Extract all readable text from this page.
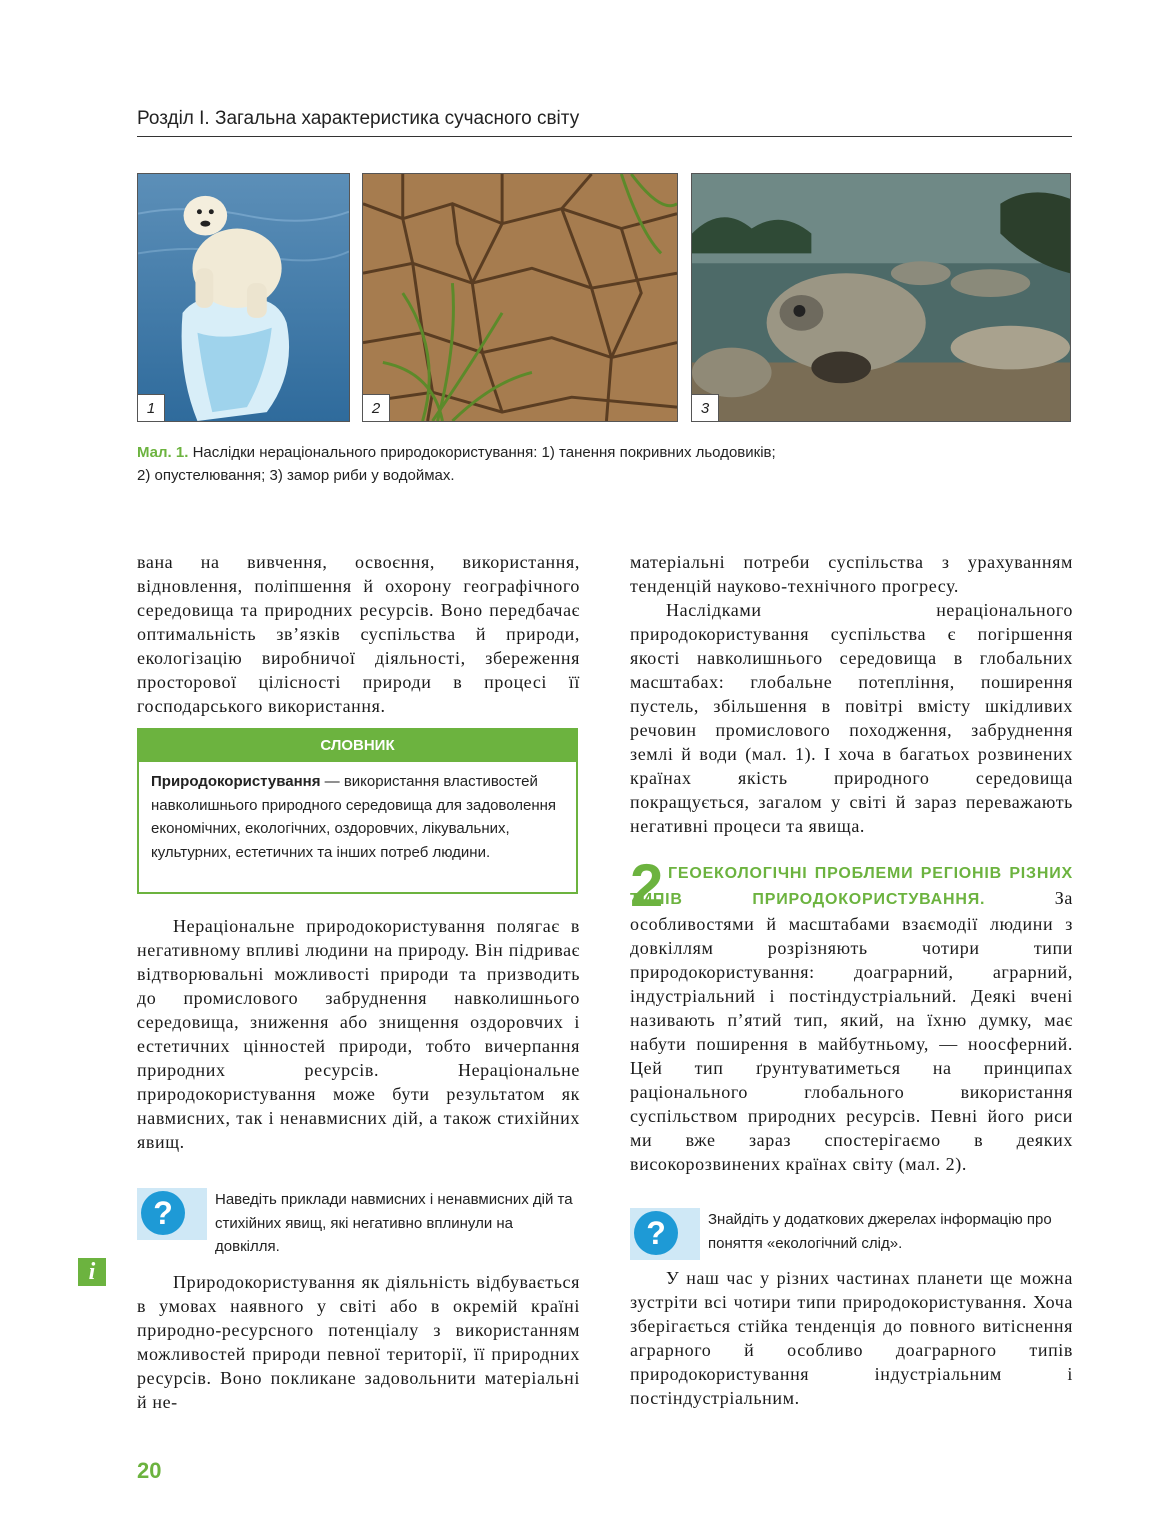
Розділ І. Загальна характеристика сучасного світу
1	2	3
Мал. 1. Наслідки нераціонального природокористування: 1) танення покривних льодовиків;
2) опустелювання; 3) замор риби у водоймах.

вана на вивчення, освоєння, використання, відновлення, поліпшення й охорону географічного середовища та природних ресурсів. Воно передбачає оптимальність зв’язків суспільства й природи, екологізацію виробничої діяльності, збереження просторової цілісності природи в процесі її господарського використання.

СЛОВНИК
Природокористування — використання властивостей навколишнього природного середовища для задоволення економічних, екологічних, оздоровчих, лікувальних, культурних, естетичних та інших потреб людини.

Нераціональне природокористування полягає в негативному впливі людини на природу. Він підриває відтворювальні можливості природи та призводить до промислового забруднення навколишнього середовища, зниження або знищення оздоровчих і естетичних цінностей природи, тобто вичерпання природних ресурсів. Нераціональне природокористування може бути результатом як навмисних, так і ненавмисних дій, а також стихійних явищ.

?	Наведіть приклади навмисних і ненавмисних дій та стихійних явищ, які негативно вплинули на довкілля.
i	Природокористування як діяльність відбувається в умовах наявного у світі або в окремій країні природно-ресурсного потенціалу з використанням можливостей природи певної території, її природних ресурсів. Воно покликане задовольнити матеріальні й не-

матеріальні потреби суспільства з урахуванням тенденцій науково-технічного прогресу.

Наслідками нераціонального природокористування суспільства є погіршення якості навколишнього середовища в глобальних масштабах: глобальне потепління, поширення пустель, збільшення в повітрі вмісту шкідливих речовин промислового походження, забруднення землі й води (мал. 1). І хоча в багатьох розвинених країнах якість природного середовища покращується, загалом у світі й зараз переважають негативні процеси та явища.

2 ГЕОЕКОЛОГІЧНІ ПРОБЛЕМИ РЕГІОНІВ РІЗНИХ ТИПІВ ПРИРОДОКОРИСТУВАННЯ. За особливостями й масштабами взаємодії людини з довкіллям розрізняють чотири типи природокористування: доаграрний, аграрний, індустріальний і постіндустріальний. Деякі вчені називають п’ятий тип, який, на їхню думку, має набути поширення в майбутньому, — ноосферний. Цей тип ґрунтуватиметься на принципах раціонального глобального використання суспільством природних ресурсів. Певні його риси ми вже зараз спостерігаємо в деяких високорозвинених країнах світу (мал. 2).

?	Знайдіть у додаткових джерелах інформацію про поняття «екологічний слід».

У наш час у різних частинах планети ще можна зустріти всі чотири типи природокористування. Хоча зберігається стійка тенденція до повного витіснення аграрного й особливо доаграрного типів природокористування індустріальним і постіндустріальним.

20
